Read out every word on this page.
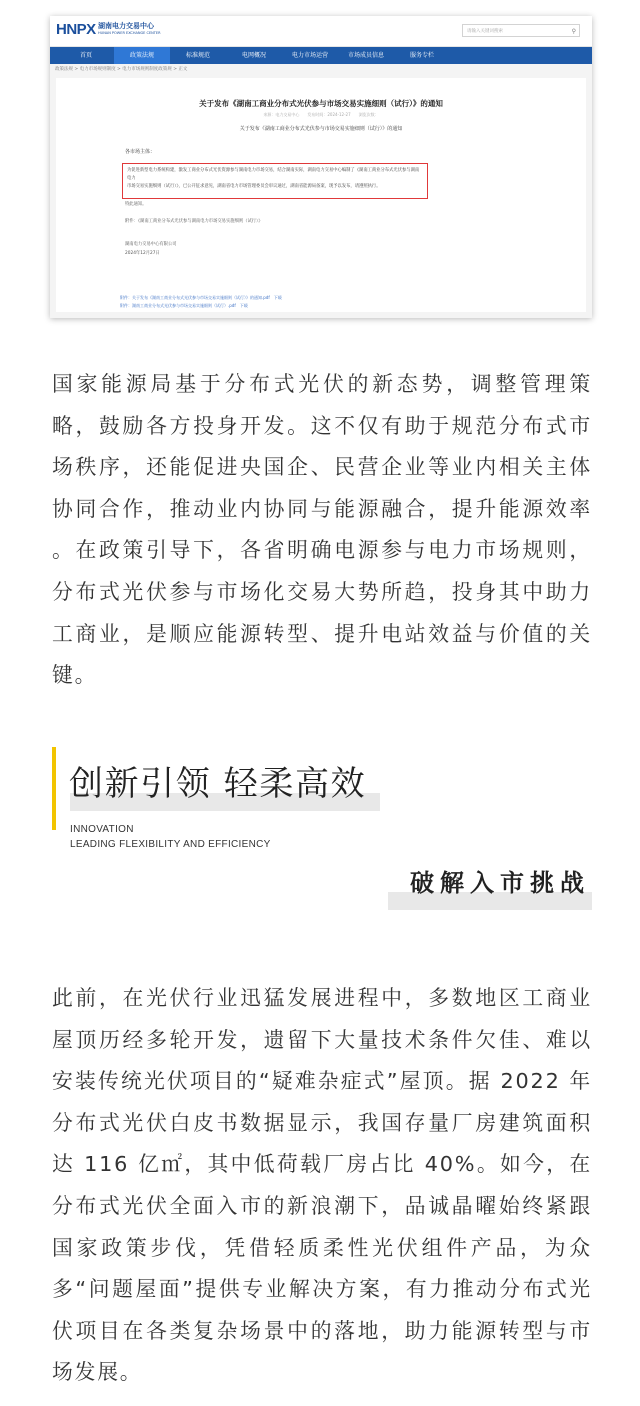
HNPX 湖南电力交易中心
HUNAN POWER EXCHANGE CENTER	请输入关键词搜索	⚲
首页	政策法规	标准规范	电网概况	电力市场运营	市场成员信息	服务专栏
政策法规 > 电力市场规则制度 > 电力市场规则制度政策规 > 正文
关于发布《湖南工商业分布式光伏参与市场交易实施细则（试行）》的通知
来源：电力交易中心　　发布时间：2024-12-27　　浏览次数：
关于发布《湖南工商业分布式光伏参与市场交易实施细则（试行）》的通知
各市场主体：
为促进新型电力系统构建，激发工商业分布式光伏资源参与湖南电力市场交易，结合湖南实际，湖南电力交易中心编制了《湖南工商业分布式光伏参与湖南电力
市场交易实施细则（试行）》，已公开征求意见，湖南省电力市场管理委员会审议通过，湖南省能源局备案，现予以发布，请遵照执行。
特此通知。
附件：《湖南工商业分布式光伏参与湖南电力市场交易实施细则（试行）》
湖南电力交易中心有限公司
2024年12月27日
附件：关于发布《湖南工商业分布式光伏参与市场交易实施细则（试行）》的通知.pdf　下载
附件：湖南工商业分布式光伏参与市场交易实施细则（试行）.pdf　下载

国家能源局基于分布式光伏的新态势，调整管理策略，鼓励各方投身开发。这不仅有助于规范分布式市场秩序，还能促进央国企、民营企业等业内相关主体协同合作，推动业内协同与能源融合，提升能源效率 。在政策引导下，各省明确电源参与电力市场规则，分布式光伏参与市场化交易大势所趋，投身其中助力工商业，是顺应能源转型、提升电站效益与价值的关键。

创新引领 轻柔高效
INNOVATION
LEADING FLEXIBILITY AND EFFICIENCY
破解入市挑战

此前，在光伏行业迅猛发展进程中，多数地区工商业屋顶历经多轮开发，遗留下大量技术条件欠佳、难以安装传统光伏项目的“疑难杂症式”屋顶。据 2022 年分布式光伏白皮书数据显示，我国存量厂房建筑面积达 116 亿㎡，其中低荷载厂房占比 40%。如今，在分布式光伏全面入市的新浪潮下，品诚晶曜始终紧跟国家政策步伐，凭借轻质柔性光伏组件产品，为众多“问题屋面”提供专业解决方案，有力推动分布式光伏项目在各类复杂场景中的落地，助力能源转型与市场发展。
